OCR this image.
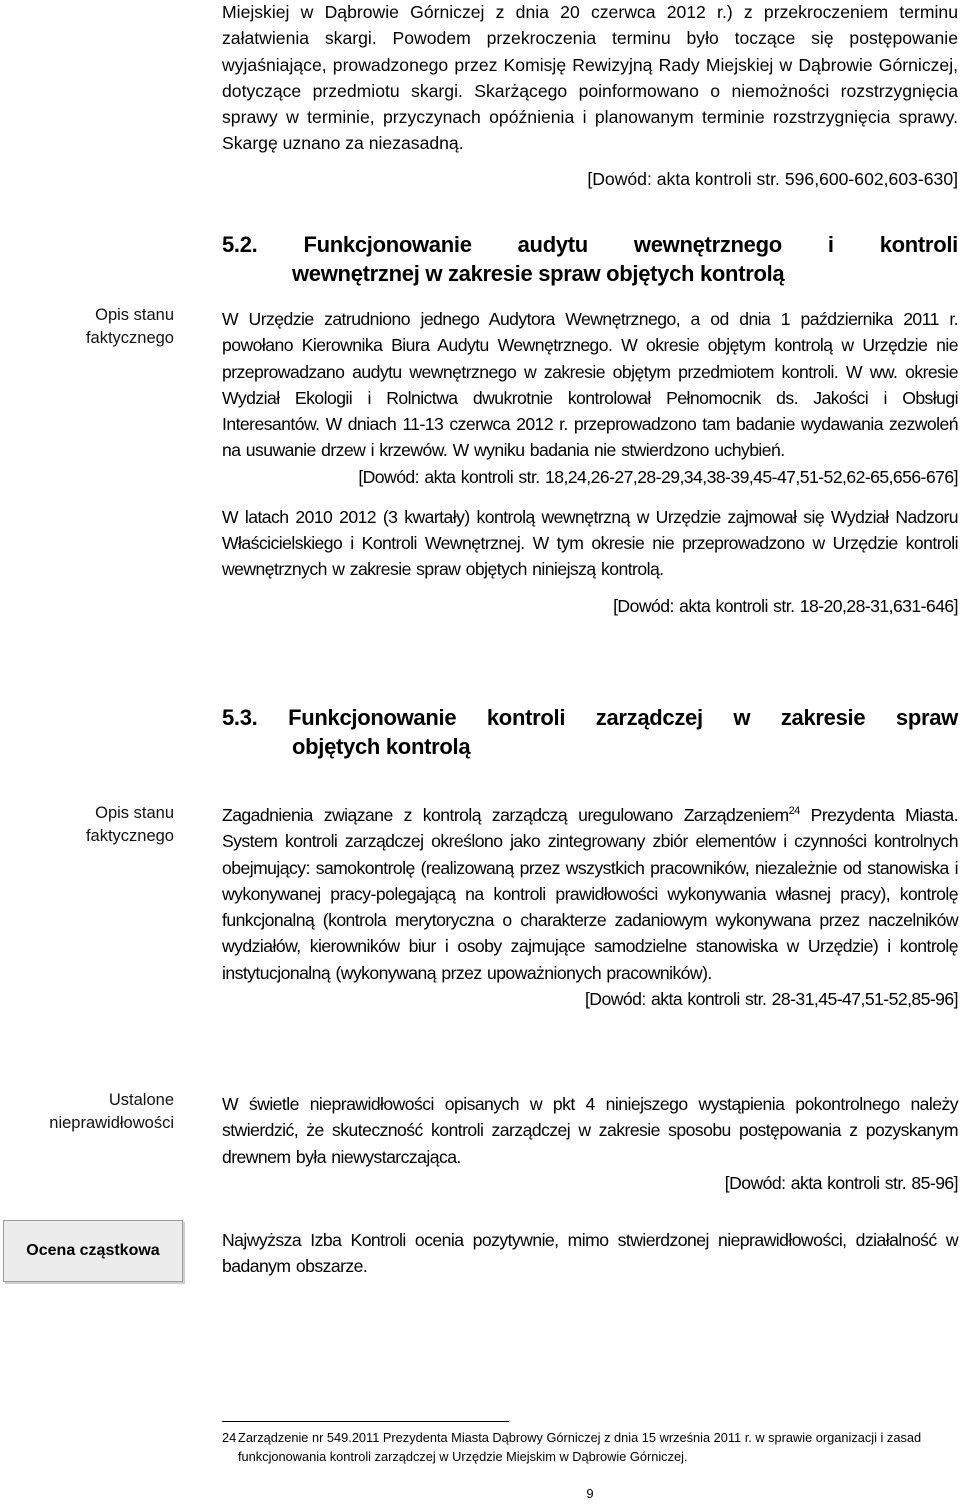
Miejskiej w Dąbrowie Górniczej z dnia 20 czerwca 2012 r.) z przekroczeniem terminu załatwienia skargi. Powodem przekroczenia terminu było toczące się postępowanie wyjaśniające, prowadzonego przez Komisję Rewizyjną Rady Miejskiej w Dąbrowie Górniczej, dotyczące przedmiotu skargi. Skarżącego poinformowano o niemożności rozstrzygnięcia sprawy w terminie, przyczynach opóźnienia i planowanym terminie rozstrzygnięcia sprawy. Skargę uznano za niezasadną.

[Dowód: akta kontroli str. 596,600-602,603-630]
5.2. Funkcjonowanie audytu wewnętrznego i kontroli
wewnętrznej w zakresie spraw objętych kontrolą
Opis stanu
faktycznego

W Urzędzie zatrudniono jednego Audytora Wewnętrznego, a od dnia 1 października 2011 r. powołano Kierownika Biura Audytu Wewnętrznego. W okresie objętym kontrolą w Urzędzie nie przeprowadzano audytu wewnętrznego w zakresie objętym przedmiotem kontroli. W ww. okresie Wydział Ekologii i Rolnictwa dwukrotnie kontrolował Pełnomocnik ds. Jakości i Obsługi Interesantów. W dniach 11-13 czerwca 2012 r. przeprowadzono tam badanie wydawania zezwoleń na usuwanie drzew i krzewów. W wyniku badania nie stwierdzono uchybień.

[Dowód: akta kontroli str. 18,24,26-27,28-29,34,38-39,45-47,51-52,62-65,656-676]

W latach 2010 2012 (3 kwartały) kontrolą wewnętrzną w Urzędzie zajmował się Wydział Nadzoru Właścicielskiego i Kontroli Wewnętrznej. W tym okresie nie przeprowadzono w Urzędzie kontroli wewnętrznych w zakresie spraw objętych niniejszą kontrolą.

[Dowód: akta kontroli str. 18-20,28-31,631-646]
5.3. Funkcjonowanie kontroli zarządczej w zakresie spraw
objętych kontrolą
Opis stanu
faktycznego

Zagadnienia związane z kontrolą zarządczą uregulowano Zarządzeniem$^{24}$ Prezydenta Miasta. System kontroli zarządczej określono jako zintegrowany zbiór elementów i czynności kontrolnych obejmujący: samokontrolę (realizowaną przez wszystkich pracowników, niezależnie od stanowiska i wykonywanej pracy-polegającą na kontroli prawidłowości wykonywania własnej pracy), kontrolę funkcjonalną (kontrola merytoryczna o charakterze zadaniowym wykonywana przez naczelników wydziałów, kierowników biur i osoby zajmujące samodzielne stanowiska w Urzędzie) i kontrolę instytucjonalną (wykonywaną przez upoważnionych pracowników).

[Dowód: akta kontroli str. 28-31,45-47,51-52,85-96]
Ustalone
nieprawidłowości

W świetle nieprawidłowości opisanych w pkt 4 niniejszego wystąpienia pokontrolnego należy stwierdzić, że skuteczność kontroli zarządczej w zakresie sposobu postępowania z pozyskanym drewnem była niewystarczająca.

[Dowód: akta kontroli str. 85-96]
Ocena cząstkowa

Najwyższa Izba Kontroli ocenia pozytywnie, mimo stwierdzonej nieprawidłowości, działalność w badanym obszarze.

24 Zarządzenie nr 549.2011 Prezydenta Miasta Dąbrowy Górniczej z dnia 15 września 2011 r. w sprawie organizacji i zasad funkcjonowania kontroli zarządczej w Urzędzie Miejskim w Dąbrowie Górniczej.
9
